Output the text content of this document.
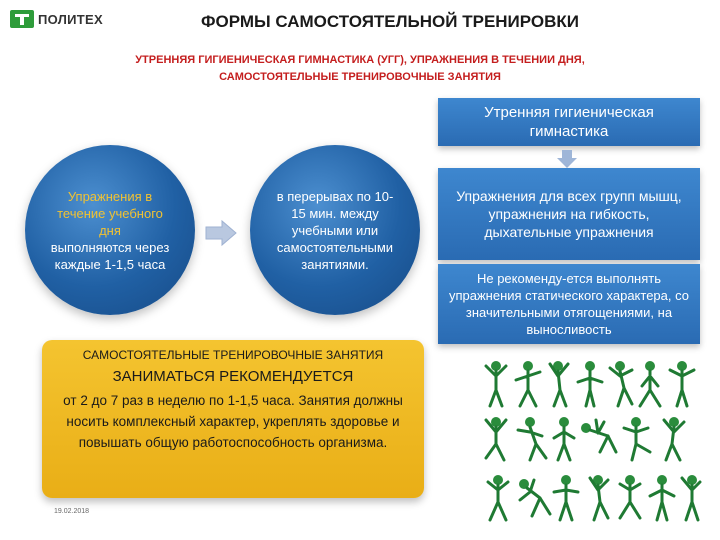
ПОЛИТЕХ	ФОРМЫ САМОСТОЯТЕЛЬНОЙ ТРЕНИРОВКИ
УТРЕННЯЯ ГИГИЕНИЧЕСКАЯ ГИМНАСТИКА (УГГ), УПРАЖНЕНИЯ В ТЕЧЕНИИ ДНЯ,
САМОСТОЯТЕЛЬНЫЕ ТРЕНИРОВОЧНЫЕ ЗАНЯТИЯ
Упражнения в течение учебного дня
выполняются через каждые 1-1,5 часа
в перерывах по 10-15 мин. между учебными или самостоятельными занятиями.
Утренняя гигиеническая гимнастика
Упражнения для всех групп мышц, упражнения на гибкость, дыхательные упражнения
Не рекоменду-ется выполнять упражнения статического характера, со значительными отягощениями, на выносливость
САМОСТОЯТЕЛЬНЫЕ ТРЕНИРОВОЧНЫЕ ЗАНЯТИЯ
ЗАНИМАТЬСЯ РЕКОМЕНДУЕТСЯ
от 2 до 7 раз в неделю по 1-1,5 часа. Занятия должны носить комплексный характер, укреплять здоровье и повышать общую работоспособность организма.
19.02.2018
